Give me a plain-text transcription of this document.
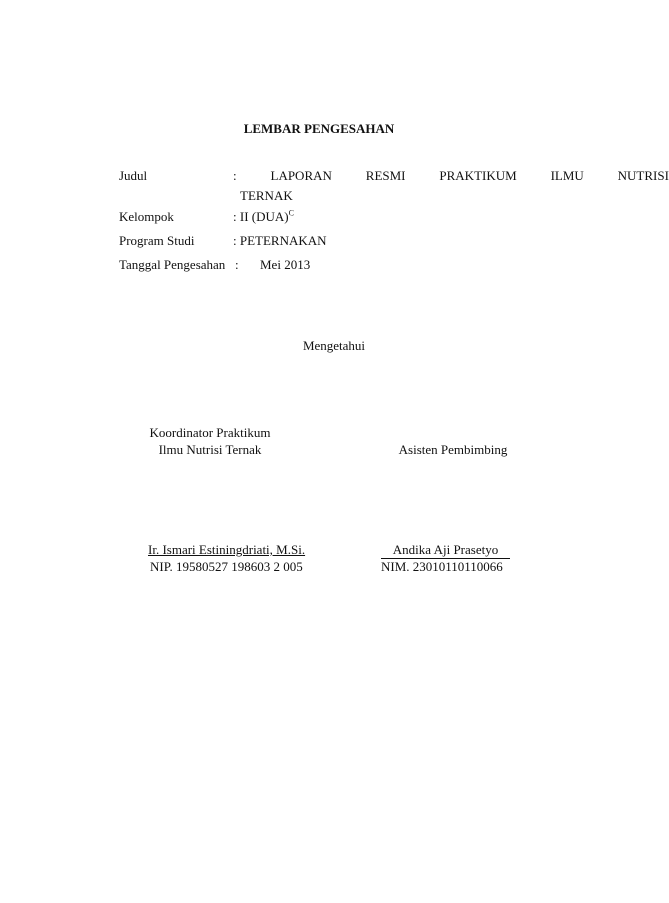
LEMBAR PENGESAHAN
Judul	:	LAPORAN	RESMI	PRAKTIKUM	ILMU	NUTRISI
TERNAK
Kelompok	: II (DUA)$^C$
Program Studi	: PETERNAKAN
Tanggal Pengesahan : Mei 2013
Mengetahui
Koordinator Praktikum
Ilmu Nutrisi Ternak	Asisten Pembimbing
Ir. Ismari Estiningdriati, M.Si.
NIP. 19580527 198603 2 005
Andika Aji Prasetyo
NIM. 23010110110066
